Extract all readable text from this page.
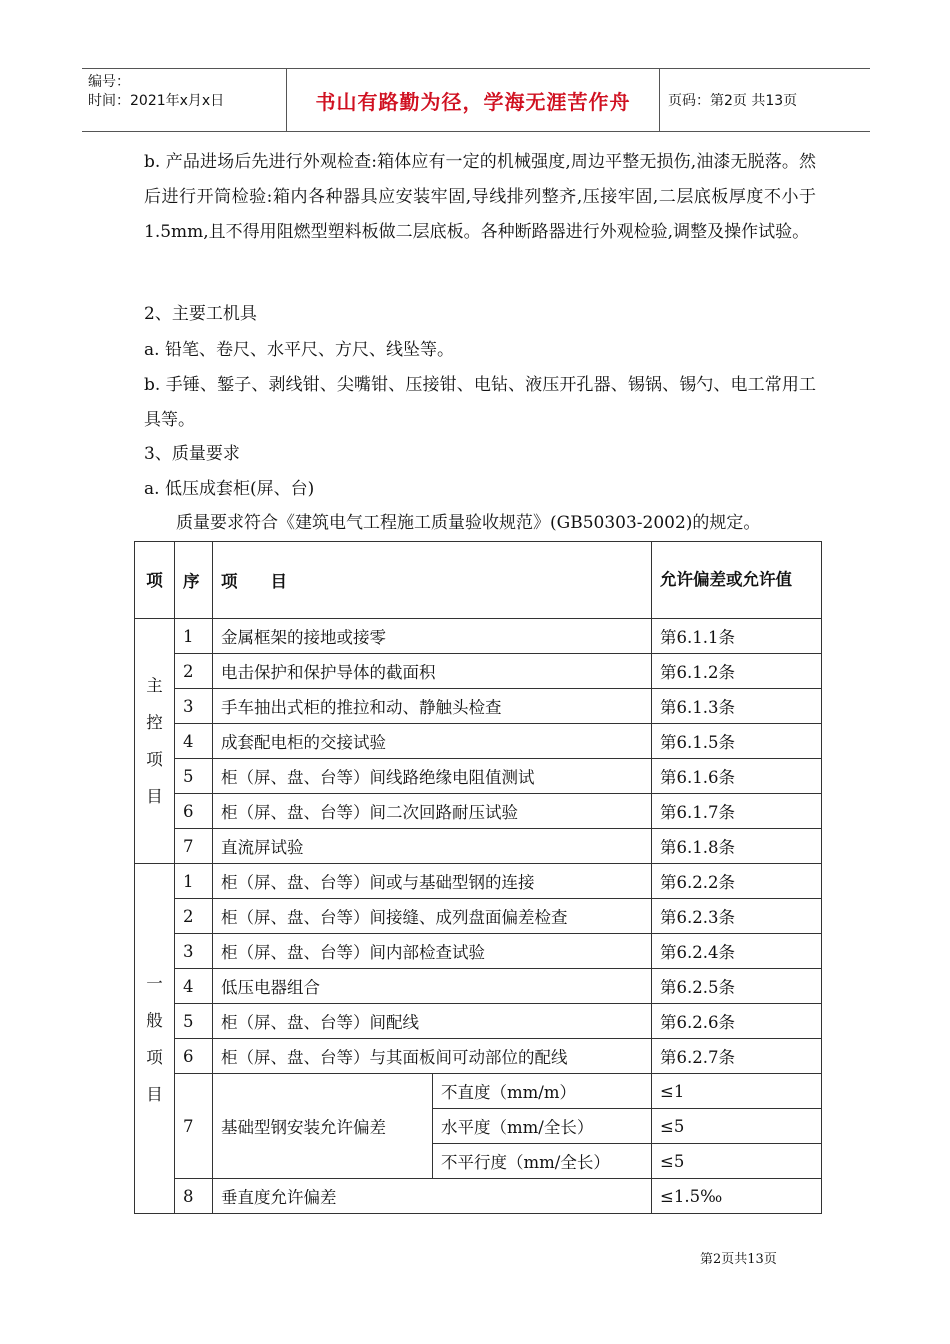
编号：
时间：2021年x月x日	书山有路勤为径，学海无涯苦作舟	页码：第2页 共13页
b. 产品进场后先进行外观检查:箱体应有一定的机械强度,周边平整无损伤,油漆无脱落。然后进行开筒检验:箱内各种器具应安装牢固,导线排列整齐,压接牢固,二层底板厚度不小于1.5mm,且不得用阻燃型塑料板做二层底板。各种断路器进行外观检验,调整及操作试验。
2、主要工机具
a. 铅笔、卷尺、水平尺、方尺、线坠等。
b. 手锤、錾子、剥线钳、尖嘴钳、压接钳、电钻、液压开孔器、锡锅、锡勺、电工常用工具等。
3、质量要求
a. 低压成套柜(屏、台)
质量要求符合《建筑电气工程施工质量验收规范》(GB50303-2002)的规定。
项	序	项　　目		允许偏差或允许值

主控项目	1	金属框架的接地或接零		第6.1.1条
	2	电击保护和保护导体的截面积		第6.1.2条
	3	手车抽出式柜的推拉和动、静触头检查		第6.1.3条
	4	成套配电柜的交接试验		第6.1.5条
	5	柜（屏、盘、台等）间线路绝缘电阻值测试		第6.1.6条
	6	柜（屏、盘、台等）间二次回路耐压试验		第6.1.7条
	7	直流屏试验		第6.1.8条

一般项目	1	柜（屏、盘、台等）间或与基础型钢的连接		第6.2.2条
	2	柜（屏、盘、台等）间接缝、成列盘面偏差检查		第6.2.3条
	3	柜（屏、盘、台等）间内部检查试验		第6.2.4条
	4	低压电器组合		第6.2.5条
	5	柜（屏、盘、台等）间配线		第6.2.6条
	6	柜（屏、盘、台等）与其面板间可动部位的配线		第6.2.7条
	7	基础型钢安装允许偏差	不直度（mm/m）	≤1
			水平度（mm/全长）	≤5
			不平行度（mm/全长）	≤5
	8	垂直度允许偏差		≤1.5‰
第2页共13页
